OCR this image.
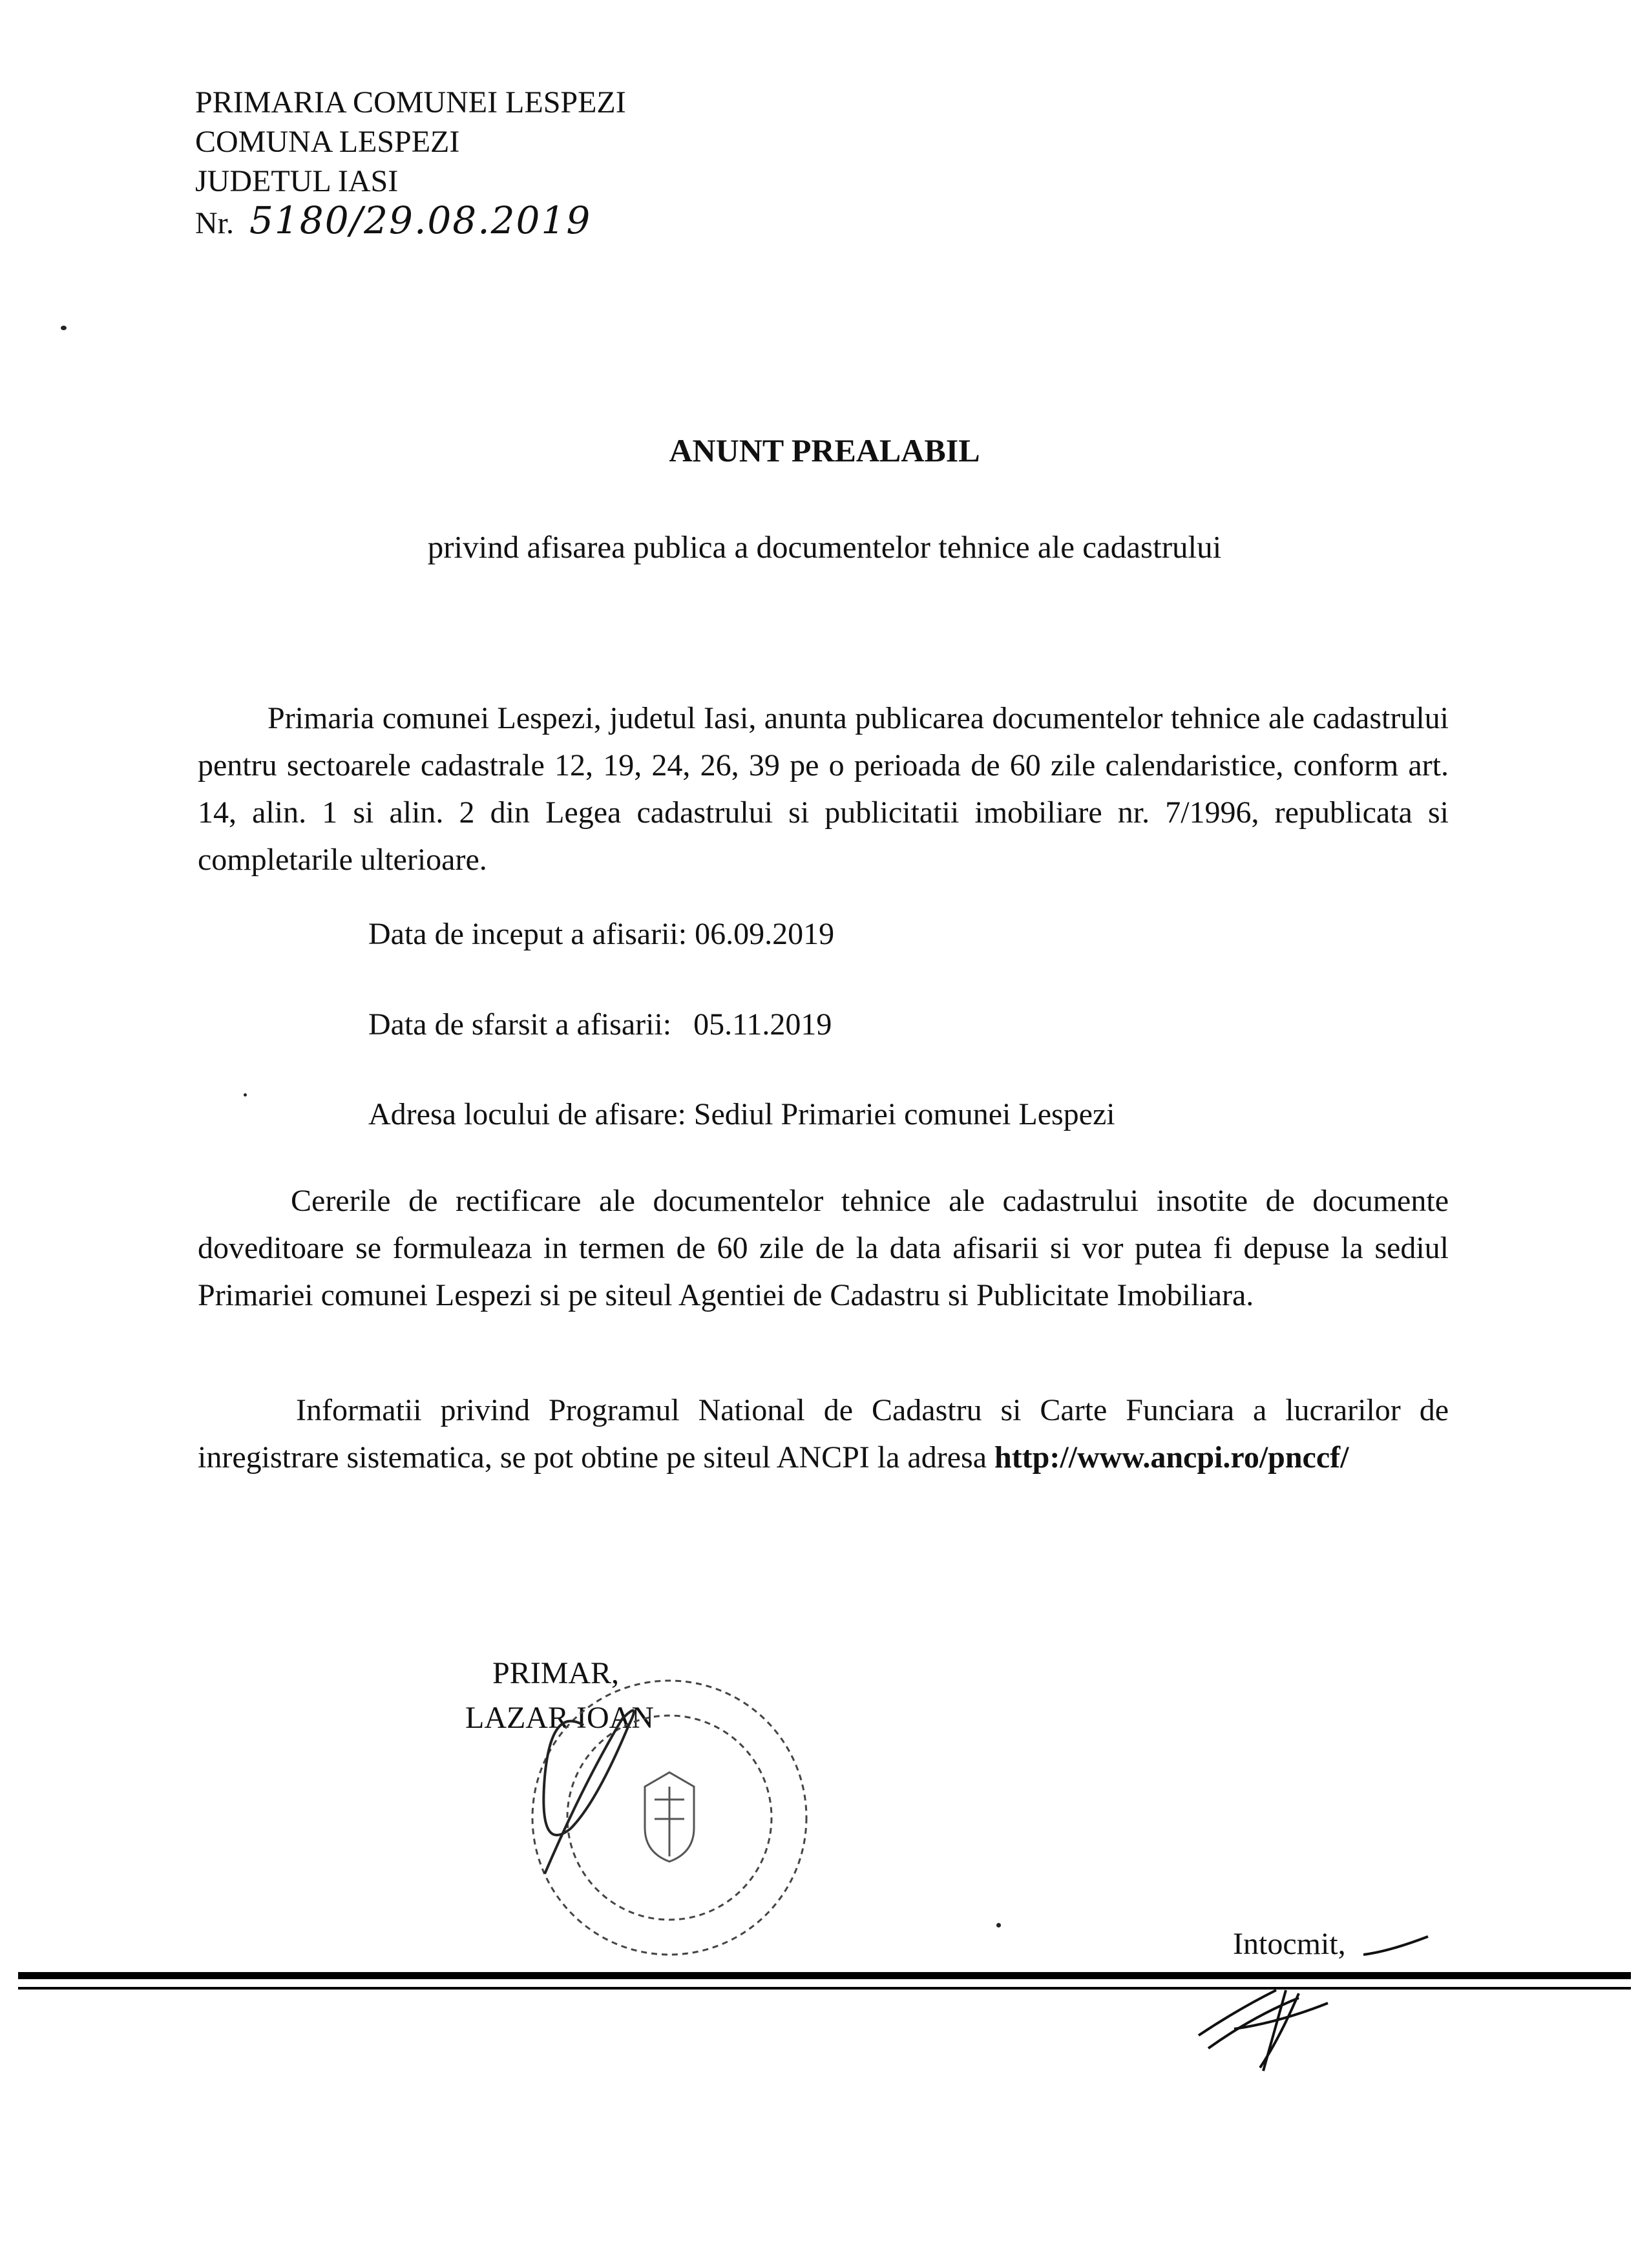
PRIMARIA COMUNEI LESPEZI
COMUNA LESPEZI
JUDETUL IASI
Nr. 5180/29.08.2019
ANUNT PREALABIL
privind afisarea publica a documentelor tehnice ale cadastrului
Primaria comunei Lespezi, judetul Iasi, anunta publicarea documentelor tehnice ale cadastrului pentru sectoarele cadastrale 12, 19, 24, 26, 39 pe o perioada de 60 zile calendaristice, conform art. 14, alin. 1 si alin. 2 din Legea cadastrului si publicitatii imobiliare nr. 7/1996, republicata si completarile ulterioare.
Data de inceput a afisarii: 06.09.2019
Data de sfarsit a afisarii: 05.11.2019
Adresa locului de afisare: Sediul Primariei comunei Lespezi
Cererile de rectificare ale documentelor tehnice ale cadastrului insotite de documente doveditoare se formuleaza in termen de 60 zile de la data afisarii si vor putea fi depuse la sediul Primariei comunei Lespezi si pe siteul Agentiei de Cadastru si Publicitate Imobiliara.
Informatii privind Programul National de Cadastru si Carte Funciara a lucrarilor de inregistrare sistematica, se pot obtine pe siteul ANCPI la adresa http://www.ancpi.ro/pnccf/
PRIMAR,
LAZAR IOAN
Intocmit,
